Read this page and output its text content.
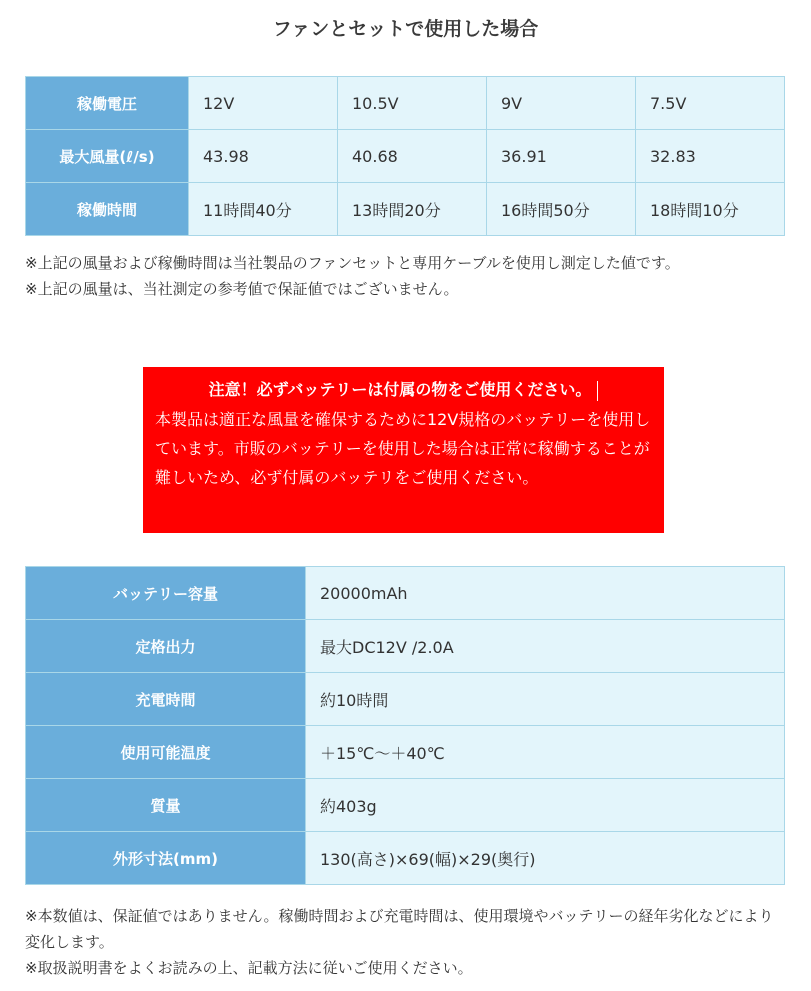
ファンとセットで使用した場合
稼働電圧	12V	10.5V	9V	7.5V
最大風量(ℓ/s)	43.98	40.68	36.91	32.83
稼働時間	11時間40分	13時間20分	16時間50分	18時間10分
※上記の風量および稼働時間は当社製品のファンセットと専用ケーブルを使用し測定した値です。
※上記の風量は、当社測定の参考値で保証値ではございません。
注意！必ずバッテリーは付属の物をご使用ください。
本製品は適正な風量を確保するために12V規格のバッテリーを使用しています。市販のバッテリーを使用した場合は正常に稼働することが難しいため、必ず付属のバッテリをご使用ください。
バッテリー容量	20000mAh
定格出力	最大DC12V /2.0A
充電時間	約10時間
使用可能温度	＋15℃～＋40℃
質量	約403g
外形寸法(mm)	130(高さ)×69(幅)×29(奥行)
※本数値は、保証値ではありません。稼働時間および充電時間は、使用環境やバッテリーの経年劣化などにより変化します。
※取扱説明書をよくお読みの上、記載方法に従いご使用ください。
